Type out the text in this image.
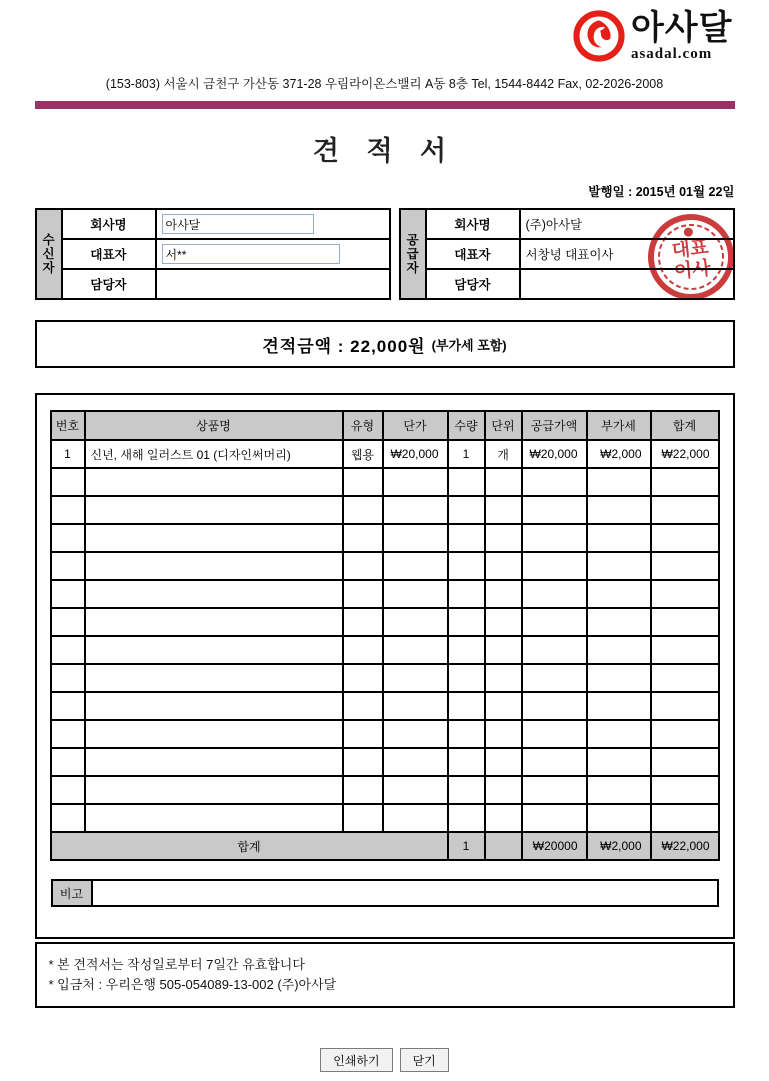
아사달
asadal.com
(153-803) 서울시 금천구 가산동 371-28 우림라이온스밸리 A동 8층 Tel, 1544-8442 Fax, 02-2026-2008
견 적 서
발행일 : 2015년 01월 22일
수신자	회사명	아사달
	대표자	서**
	담당자	
공급자	회사명	(주)아사달
	대표자	서창녕 대표이사
	담당자	
대표
이사
견적금액 : 22,000원 (부가세 포함)
번호	상품명	유형	단가	수량	단위	공급가액	부가세	합계
1	신년, 새해 일러스트 01 (디자인써머리)	웹용	₩20,000	1	개	₩20,000	₩2,000	₩22,000

합계				1		₩20000	₩2,000	₩22,000
비고	
* 본 견적서는 작성일로부터 7일간 유효합니다
* 입금처 : 우리은행 505-054089-13-002 (주)아사달
인쇄하기	닫기
